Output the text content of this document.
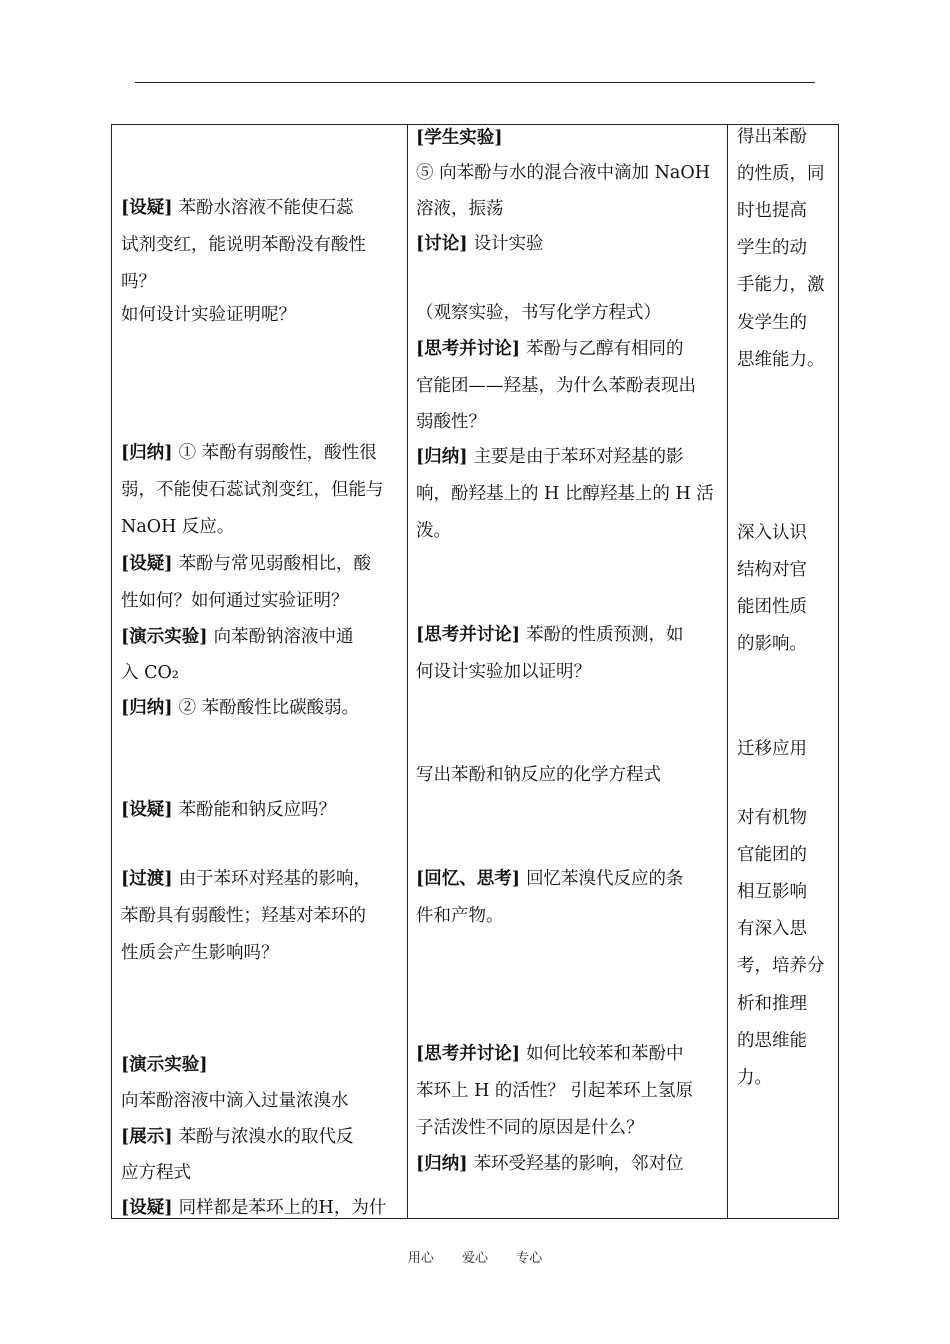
[设疑] 苯酚水溶液不能使石蕊
试剂变红，能说明苯酚没有酸性
吗？
如何设计实验证明呢？
[归纳] ① 苯酚有弱酸性，酸性很
弱，不能使石蕊试剂变红，但能与
NaOH 反应。
[设疑] 苯酚与常见弱酸相比，酸
性如何？如何通过实验证明？
[演示实验] 向苯酚钠溶液中通
入 CO₂
[归纳] ② 苯酚酸性比碳酸弱。
[设疑] 苯酚能和钠反应吗？
[过渡] 由于苯环对羟基的影响，
苯酚具有弱酸性；羟基对苯环的
性质会产生影响吗？
[演示实验]
向苯酚溶液中滴入过量浓溴水
[展示] 苯酚与浓溴水的取代反
应方程式
[设疑] 同样都是苯环上的H，为什
[学生实验]
⑤ 向苯酚与水的混合液中滴加 NaOH
溶液，振荡
[讨论] 设计实验
（观察实验，书写化学方程式）
[思考并讨论] 苯酚与乙醇有相同的
官能团——羟基，为什么苯酚表现出
弱酸性？
[归纳] 主要是由于苯环对羟基的影
响，酚羟基上的 H 比醇羟基上的 H 活
泼。
[思考并讨论] 苯酚的性质预测，如
何设计实验加以证明？
写出苯酚和钠反应的化学方程式
[回忆、思考] 回忆苯溴代反应的条
件和产物。
[思考并讨论] 如何比较苯和苯酚中
苯环上 H 的活性？ 引起苯环上氢原
子活泼性不同的原因是什么？
[归纳] 苯环受羟基的影响，邻对位
得出苯酚
的性质，同
时也提高
学生的动
手能力，激
发学生的
思维能力。
深入认识
结构对官
能团性质
的影响。
迁移应用
对有机物
官能团的
相互影响
有深入思
考，培养分
析和推理
的思维能
力。
用心 爱心 专心
